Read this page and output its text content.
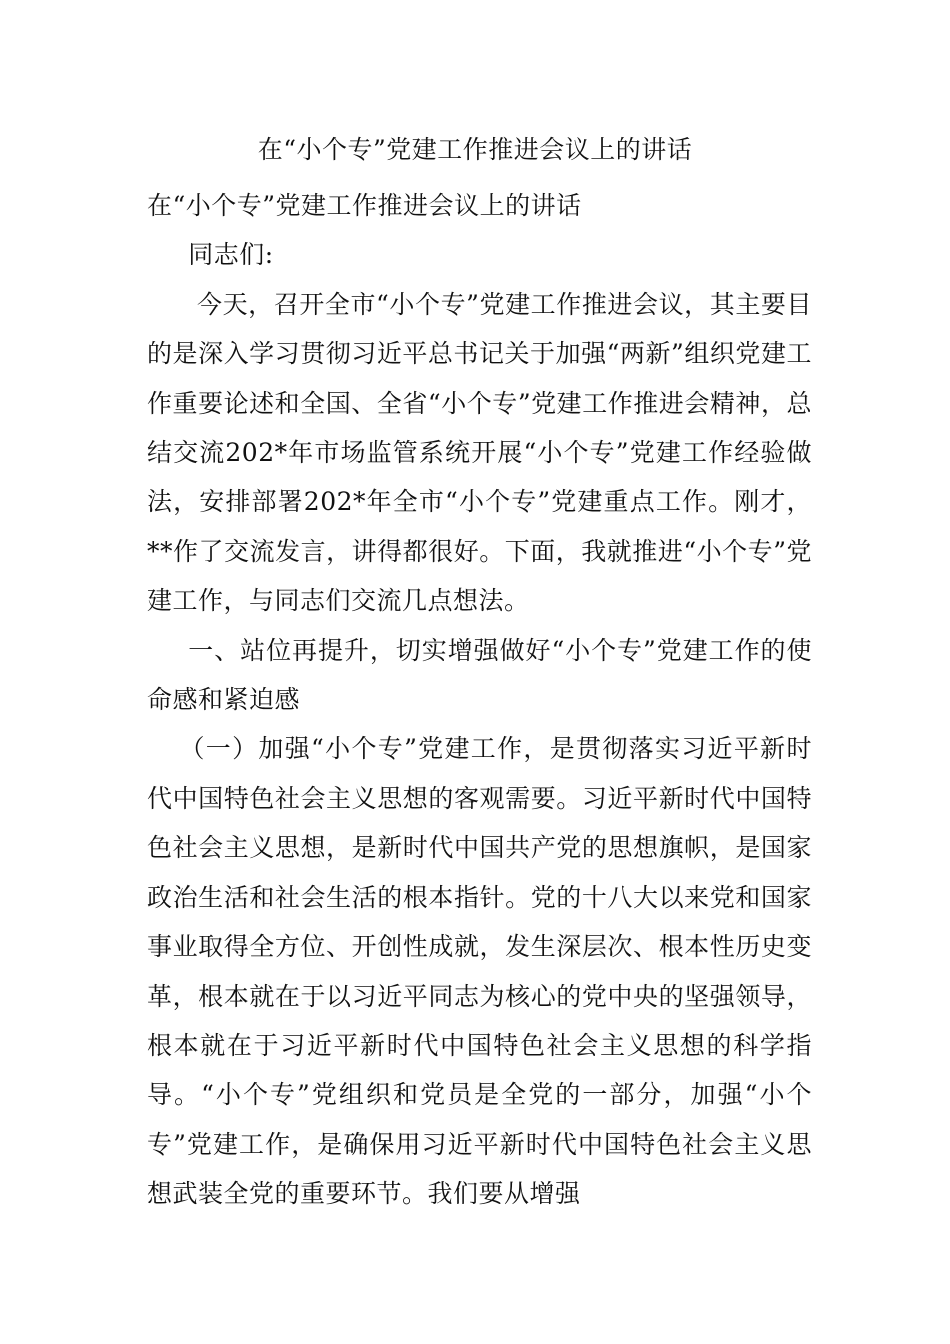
在“小个专”党建工作推进会议上的讲话

在“小个专”党建工作推进会议上的讲话

同志们:

今天，召开全市“小个专”党建工作推进会议，其主要目的是深入学习贯彻习近平总书记关于加强“两新”组织党建工作重要论述和全国、全省“小个专”党建工作推进会精神，总结交流202*年市场监管系统开展“小个专”党建工作经验做法，安排部署202*年全市“小个专”党建重点工作。刚才，**作了交流发言，讲得都很好。下面，我就推进“小个专”党建工作，与同志们交流几点想法。

一、站位再提升，切实增强做好“小个专”党建工作的使命感和紧迫感

（一）加强“小个专”党建工作，是贯彻落实习近平新时代中国特色社会主义思想的客观需要。习近平新时代中国特色社会主义思想，是新时代中国共产党的思想旗帜，是国家政治生活和社会生活的根本指针。党的十八大以来党和国家事业取得全方位、开创性成就，发生深层次、根本性历史变革，根本就在于以习近平同志为核心的党中央的坚强领导，根本就在于习近平新时代中国特色社会主义思想的科学指导。“小个专”党组织和党员是全党的一部分，加强“小个专”党建工作，是确保用习近平新时代中国特色社会主义思想武装全党的重要环节。我们要从增强
